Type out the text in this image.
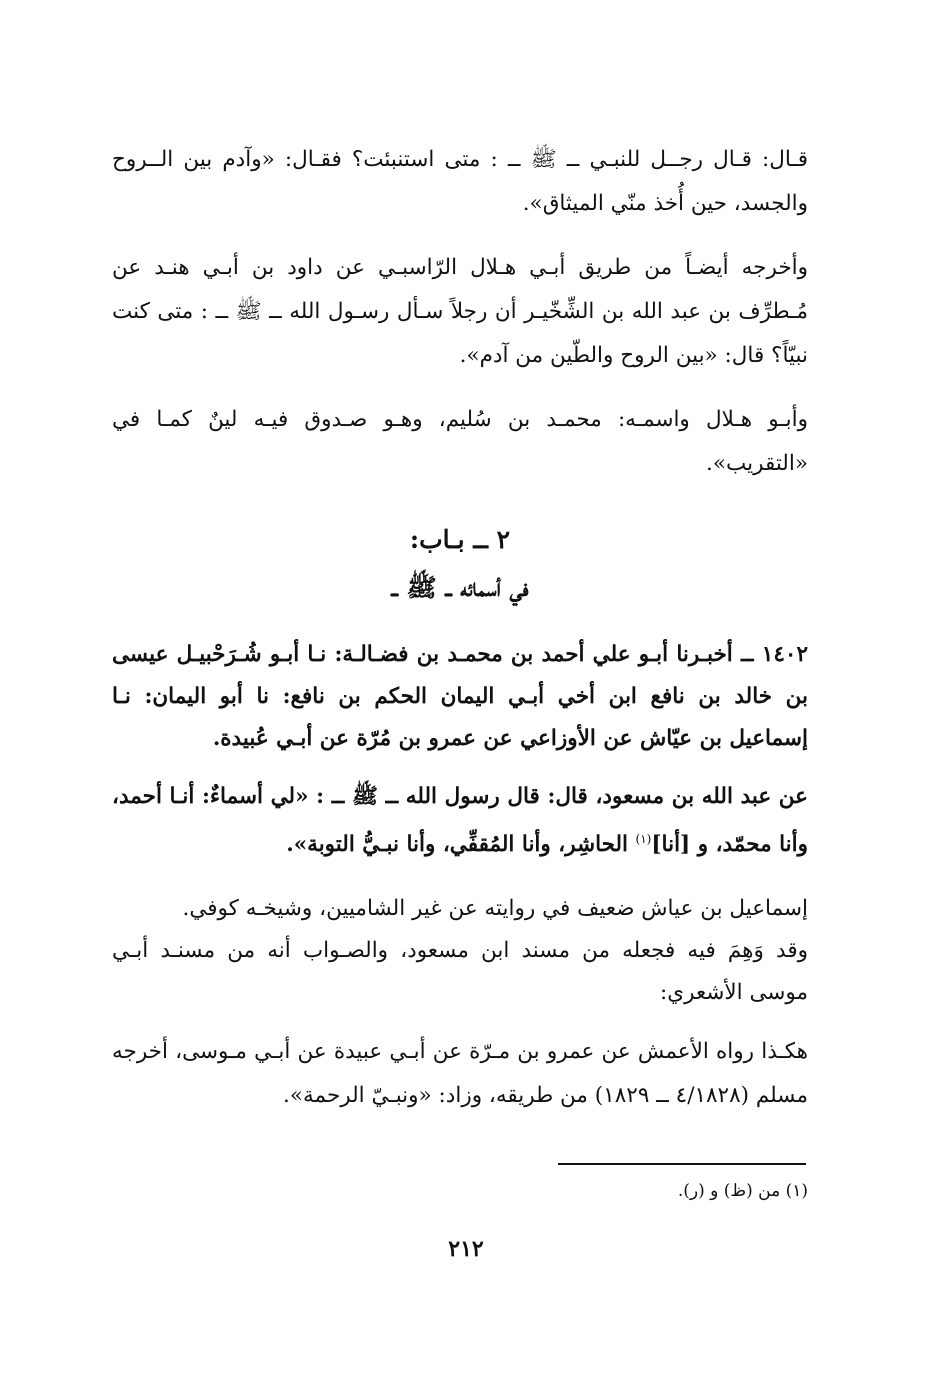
قـال: قـال رجــل للنبـي ــ ﷺ ــ : متى استنبئت؟ فقـال: «وآدم بين الــروح والجسد، حين أُخذ منّي الميثاق».

وأخرجه أيضـاً من طريق أبـي هـلال الرّاسبـي عن داود بن أبـي هنـد عن مُـطرِّف بن عبد الله بن الشِّخّيـر أن رجلاً سـأل رسـول الله ــ ﷺ ــ : متى كنت نبيّاً؟ قال: «بين الروح والطّين من آدم».

وأبـو هـلال واسمـه: محمـد بن سُليم، وهـو صـدوق فيـه لينٌ كمـا في «التقريب».

٢ ــ بـاب:
في أسمائه ــ ﷺ ــ

١٤٠٢ ــ أخبـرنا أبـو علي أحمد بن محمـد بن فضـالـة: نـا أبـو شُـرَحْبيـل عيسى بن خالد بن نافع ابن أخي أبـي اليمان الحكم بن نافع: نا أبو اليمان: نـا إسماعيل بن عيّاش عن الأوزاعي عن عمرو بن مُرّة عن أبـي عُبيدة.

عن عبد الله بن مسعود، قال: قال رسول الله ــ ﷺ ــ : «لي أسماءٌ: أنـا أحمد، وأنا محمّد، و [أنا]$^{(١)}$ الحاشِر، وأنا المُقفِّي، وأنا نبـيُّ التوبة».

إسماعيل بن عياش ضعيف في روايته عن غير الشاميين، وشيخـه كوفي.
وقد وَهِمَ فيه فجعله من مسند ابن مسعود، والصـواب أنه من مسنـد أبـي موسى الأشعري:

هكـذا رواه الأعمش عن عمرو بن مـرّة عن أبـي عبيدة عن أبـي مـوسى، أخرجه مسلم (٤/١٨٢٨ ــ ١٨٢٩) من طريقه، وزاد: «ونبـيّ الرحمة».

(١) من (ظ) و (ر).
٢١٢
